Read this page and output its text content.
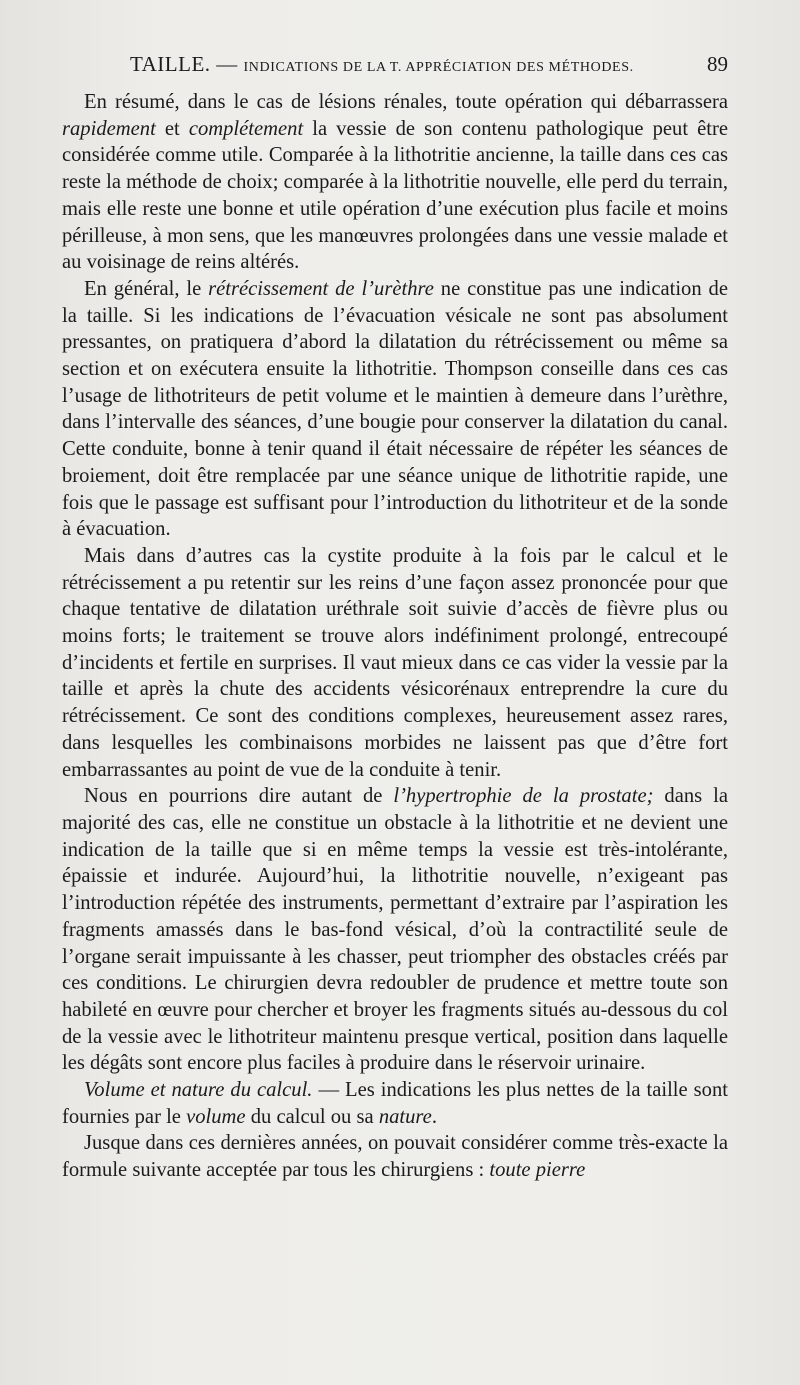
TAILLE. — INDICATIONS DE LA T. APPRÉCIATION DES MÉTHODES.	89

En résumé, dans le cas de lésions rénales, toute opération qui débarrassera rapidement et complétement la vessie de son contenu pathologique peut être considérée comme utile. Comparée à la lithotritie ancienne, la taille dans ces cas reste la méthode de choix; comparée à la lithotritie nouvelle, elle perd du terrain, mais elle reste une bonne et utile opération d’une exécution plus facile et moins périlleuse, à mon sens, que les manœuvres prolongées dans une vessie malade et au voisinage de reins altérés.

En général, le rétrécissement de l’urèthre ne constitue pas une indication de la taille. Si les indications de l’évacuation vésicale ne sont pas absolument pressantes, on pratiquera d’abord la dilatation du rétrécissement ou même sa section et on exécutera ensuite la lithotritie. Thompson conseille dans ces cas l’usage de lithotriteurs de petit volume et le maintien à demeure dans l’urèthre, dans l’intervalle des séances, d’une bougie pour conserver la dilatation du canal. Cette conduite, bonne à tenir quand il était nécessaire de répéter les séances de broiement, doit être remplacée par une séance unique de lithotritie rapide, une fois que le passage est suffisant pour l’introduction du lithotriteur et de la sonde à évacuation.

Mais dans d’autres cas la cystite produite à la fois par le calcul et le rétrécissement a pu retentir sur les reins d’une façon assez prononcée pour que chaque tentative de dilatation uréthrale soit suivie d’accès de fièvre plus ou moins forts; le traitement se trouve alors indéfiniment prolongé, entrecoupé d’incidents et fertile en surprises. Il vaut mieux dans ce cas vider la vessie par la taille et après la chute des accidents vésicorénaux entreprendre la cure du rétrécissement. Ce sont des conditions complexes, heureusement assez rares, dans lesquelles les combinaisons morbides ne laissent pas que d’être fort embarrassantes au point de vue de la conduite à tenir.

Nous en pourrions dire autant de l’hypertrophie de la prostate; dans la majorité des cas, elle ne constitue un obstacle à la lithotritie et ne devient une indication de la taille que si en même temps la vessie est très-intolérante, épaissie et indurée. Aujourd’hui, la lithotritie nouvelle, n’exigeant pas l’introduction répétée des instruments, permettant d’extraire par l’aspiration les fragments amassés dans le bas-fond vésical, d’où la contractilité seule de l’organe serait impuissante à les chasser, peut triompher des obstacles créés par ces conditions. Le chirurgien devra redoubler de prudence et mettre toute son habileté en œuvre pour chercher et broyer les fragments situés au-dessous du col de la vessie avec le lithotriteur maintenu presque vertical, position dans laquelle les dégâts sont encore plus faciles à produire dans le réservoir urinaire.

Volume et nature du calcul. — Les indications les plus nettes de la taille sont fournies par le volume du calcul ou sa nature.

Jusque dans ces dernières années, on pouvait considérer comme très-exacte la formule suivante acceptée par tous les chirurgiens : toute pierre
